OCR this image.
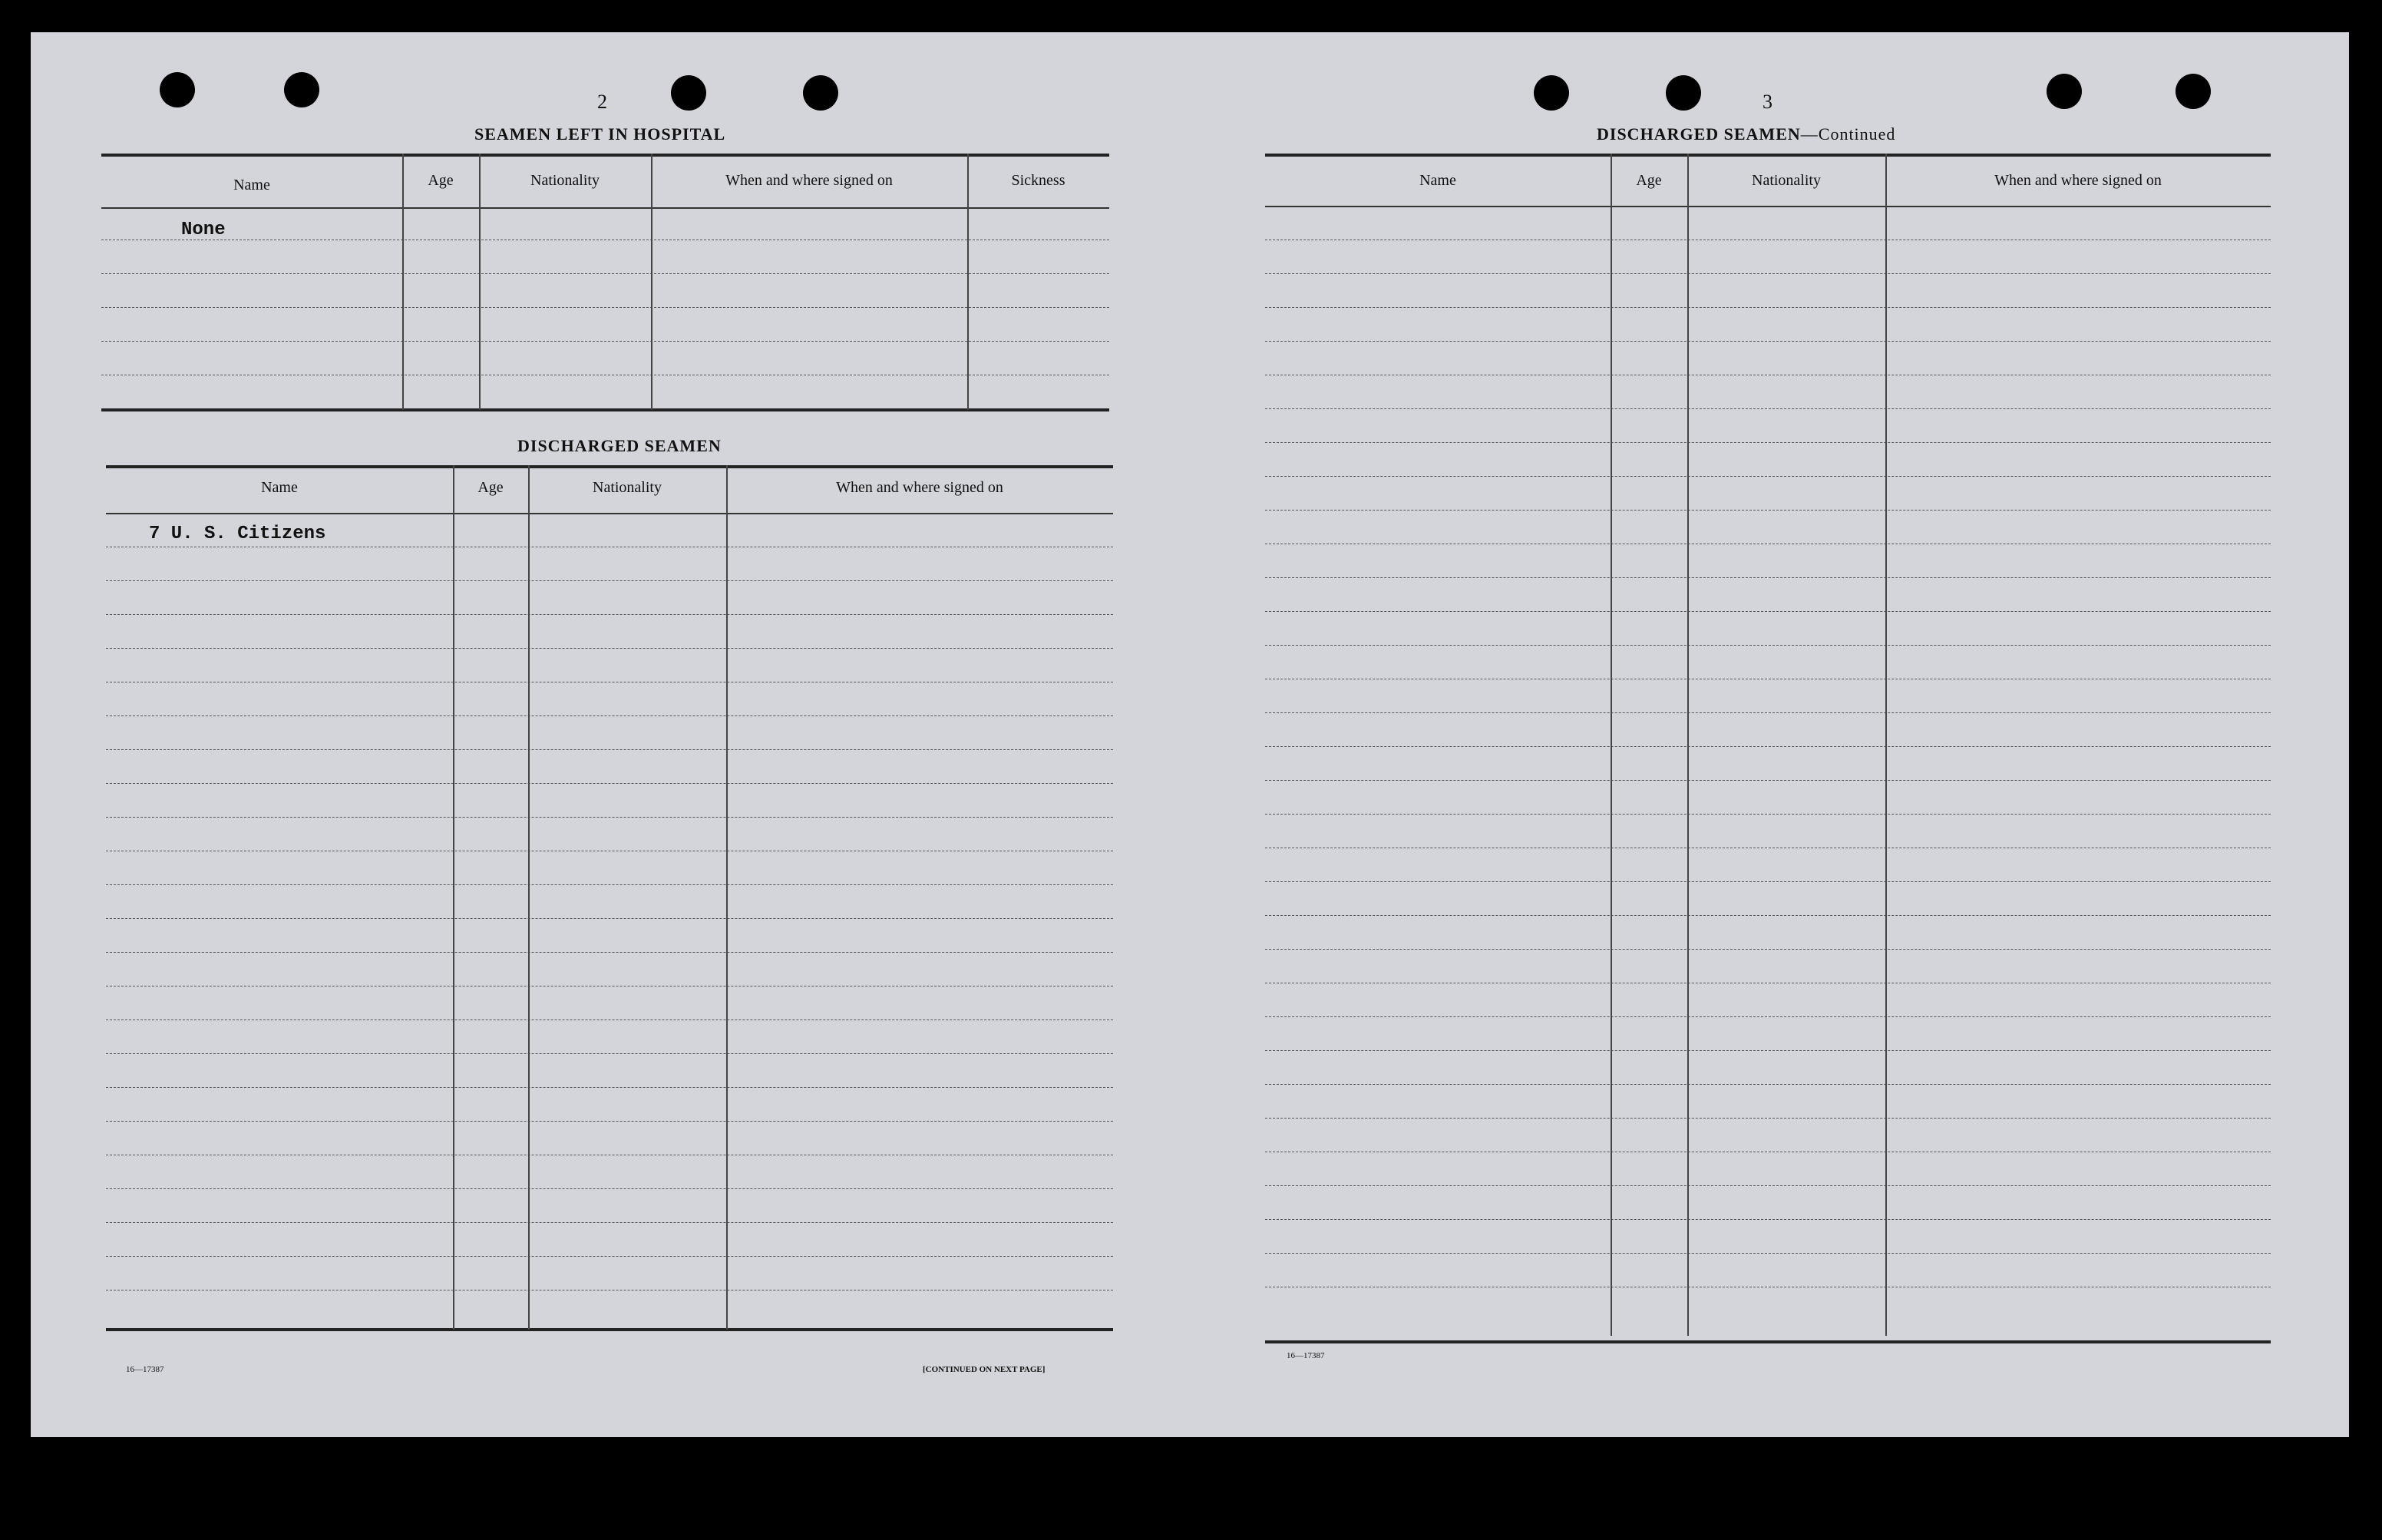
2
SEAMEN LEFT IN HOSPITAL
Name	Age	Nationality	When and where signed on	Sickness
None
DISCHARGED SEAMEN
Name	Age	Nationality	When and where signed on
7 U. S. Citizens
16—17387	[CONTINUED ON NEXT PAGE]
3
DISCHARGED SEAMEN—Continued
Name	Age	Nationality	When and where signed on
16—17387
